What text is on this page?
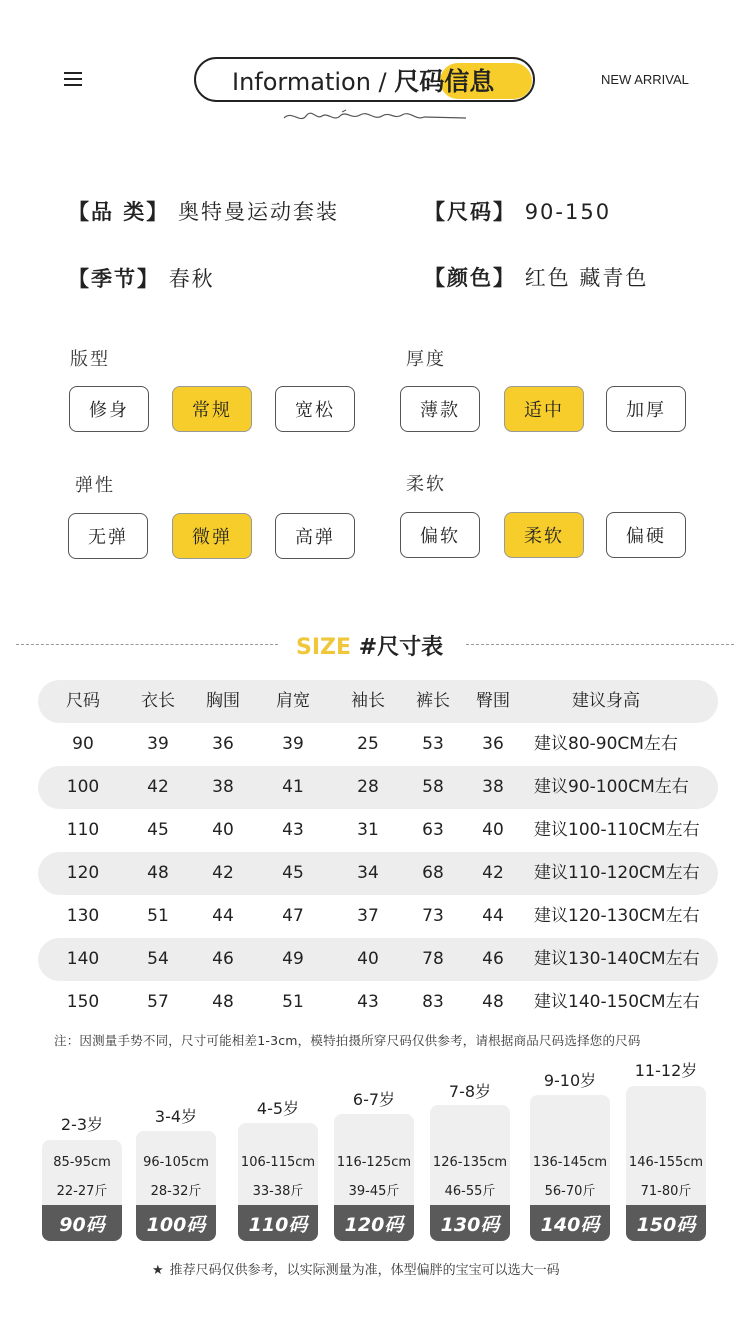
Information / 尺码信息	NEW ARRIVAL
【品 类】 奥特曼运动套装	【尺码】 90-150
【季节】 春秋	【颜色】 红色 藏青色
版型
修身	常规	宽松
厚度
薄款	适中	加厚
弹性
无弹	微弹	高弹
柔软
偏软	柔软	偏硬
SIZE #尺寸表
尺码	衣长	胸围	肩宽	袖长	裤长	臀围	建议身高
90	39	36	39	25	53	36	建议80-90CM左右
100	42	38	41	28	58	38	建议90-100CM左右
110	45	40	43	31	63	40	建议100-110CM左右
120	48	42	45	34	68	42	建议110-120CM左右
130	51	44	47	37	73	44	建议120-130CM左右
140	54	46	49	40	78	46	建议130-140CM左右
150	57	48	51	43	83	48	建议140-150CM左右
注：因测量手势不同，尺寸可能相差1-3cm，模特拍摄所穿尺码仅供参考，请根据商品尺码选择您的尺码
2-3岁
85-95cm
22-27斤
90码
3-4岁
96-105cm
28-32斤
100码
4-5岁
106-115cm
33-38斤
110码
6-7岁
116-125cm
39-45斤
120码
7-8岁
126-135cm
46-55斤
130码
9-10岁
136-145cm
56-70斤
140码
11-12岁
146-155cm
71-80斤
150码
★ 推荐尺码仅供参考，以实际测量为准，体型偏胖的宝宝可以选大一码
